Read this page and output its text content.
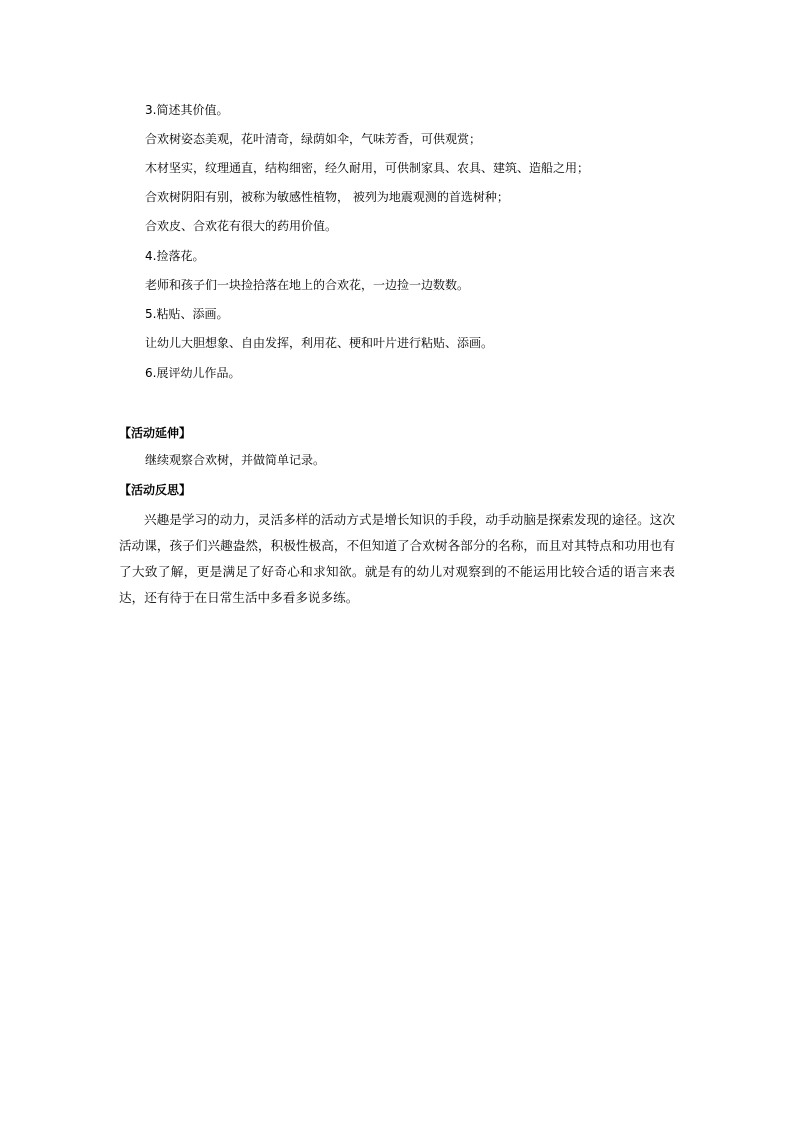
3.简述其价值。
合欢树姿态美观，花叶清奇，绿荫如伞，气味芳香，可供观赏；
木材坚实，纹理通直，结构细密，经久耐用，可供制家具、农具、建筑、造船之用；
合欢树阴阳有别，被称为敏感性植物， 被列为地震观测的首选树种；
合欢皮、合欢花有很大的药用价值。
4.捡落花。
老师和孩子们一块捡拾落在地上的合欢花，一边捡一边数数。
5.粘贴、添画。
让幼儿大胆想象、自由发挥，利用花、梗和叶片进行粘贴、添画。
6.展评幼儿作品。
【活动延伸】
继续观察合欢树，并做简单记录。
【活动反思】
兴趣是学习的动力，灵活多样的活动方式是增长知识的手段，动手动脑是探索发现的途径。这次活动课，孩子们兴趣盎然，积极性极高，不但知道了合欢树各部分的名称，而且对其特点和功用也有了大致了解，更是满足了好奇心和求知欲。就是有的幼儿对观察到的不能运用比较合适的语言来表达，还有待于在日常生活中多看多说多练。
